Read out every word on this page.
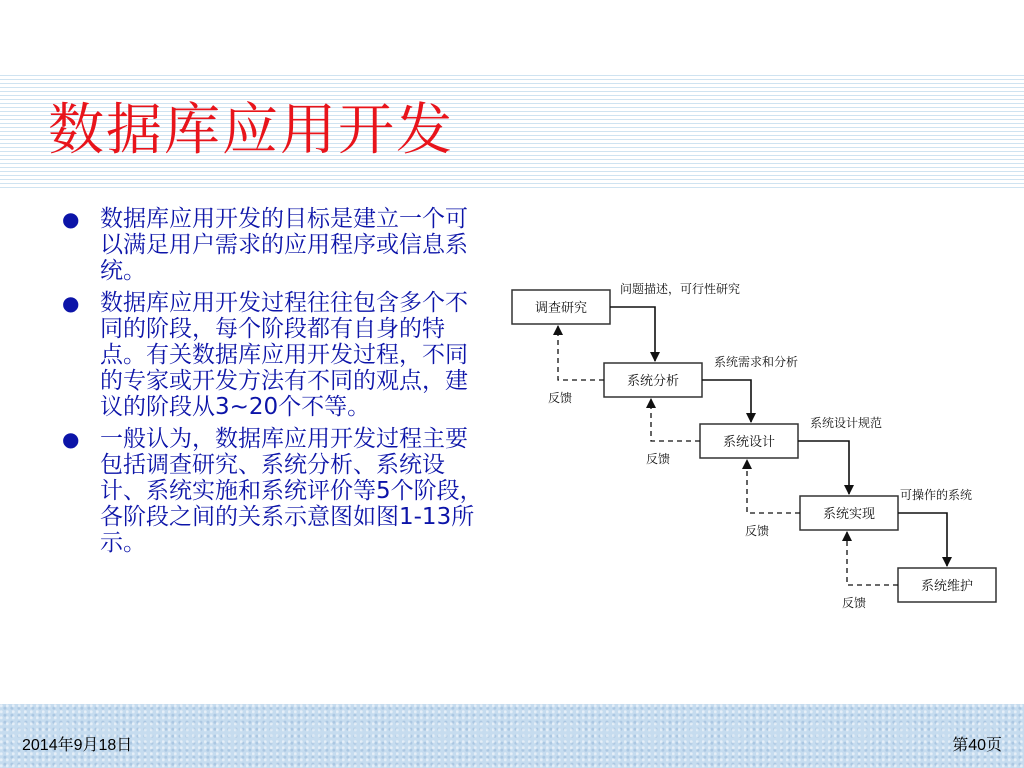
数据库应用开发
● 数据库应用开发的目标是建立一个可以满足用户需求的应用程序或信息系统。
● 数据库应用开发过程往往包含多个不同的阶段，每个阶段都有自身的特点。有关数据库应用开发过程，不同的专家或开发方法有不同的观点，建议的阶段从3~20个不等。
● 一般认为，数据库应用开发过程主要包括调查研究、系统分析、系统设计、系统实施和系统评价等5个阶段，各阶段之间的关系示意图如图1-13所示。
调查研究
系统分析
系统设计
系统实现
系统维护
问题描述，可行性研究
系统需求和分析
系统设计规范
可操作的系统
反馈
反馈
反馈
反馈
2014年9月18日	第40页
